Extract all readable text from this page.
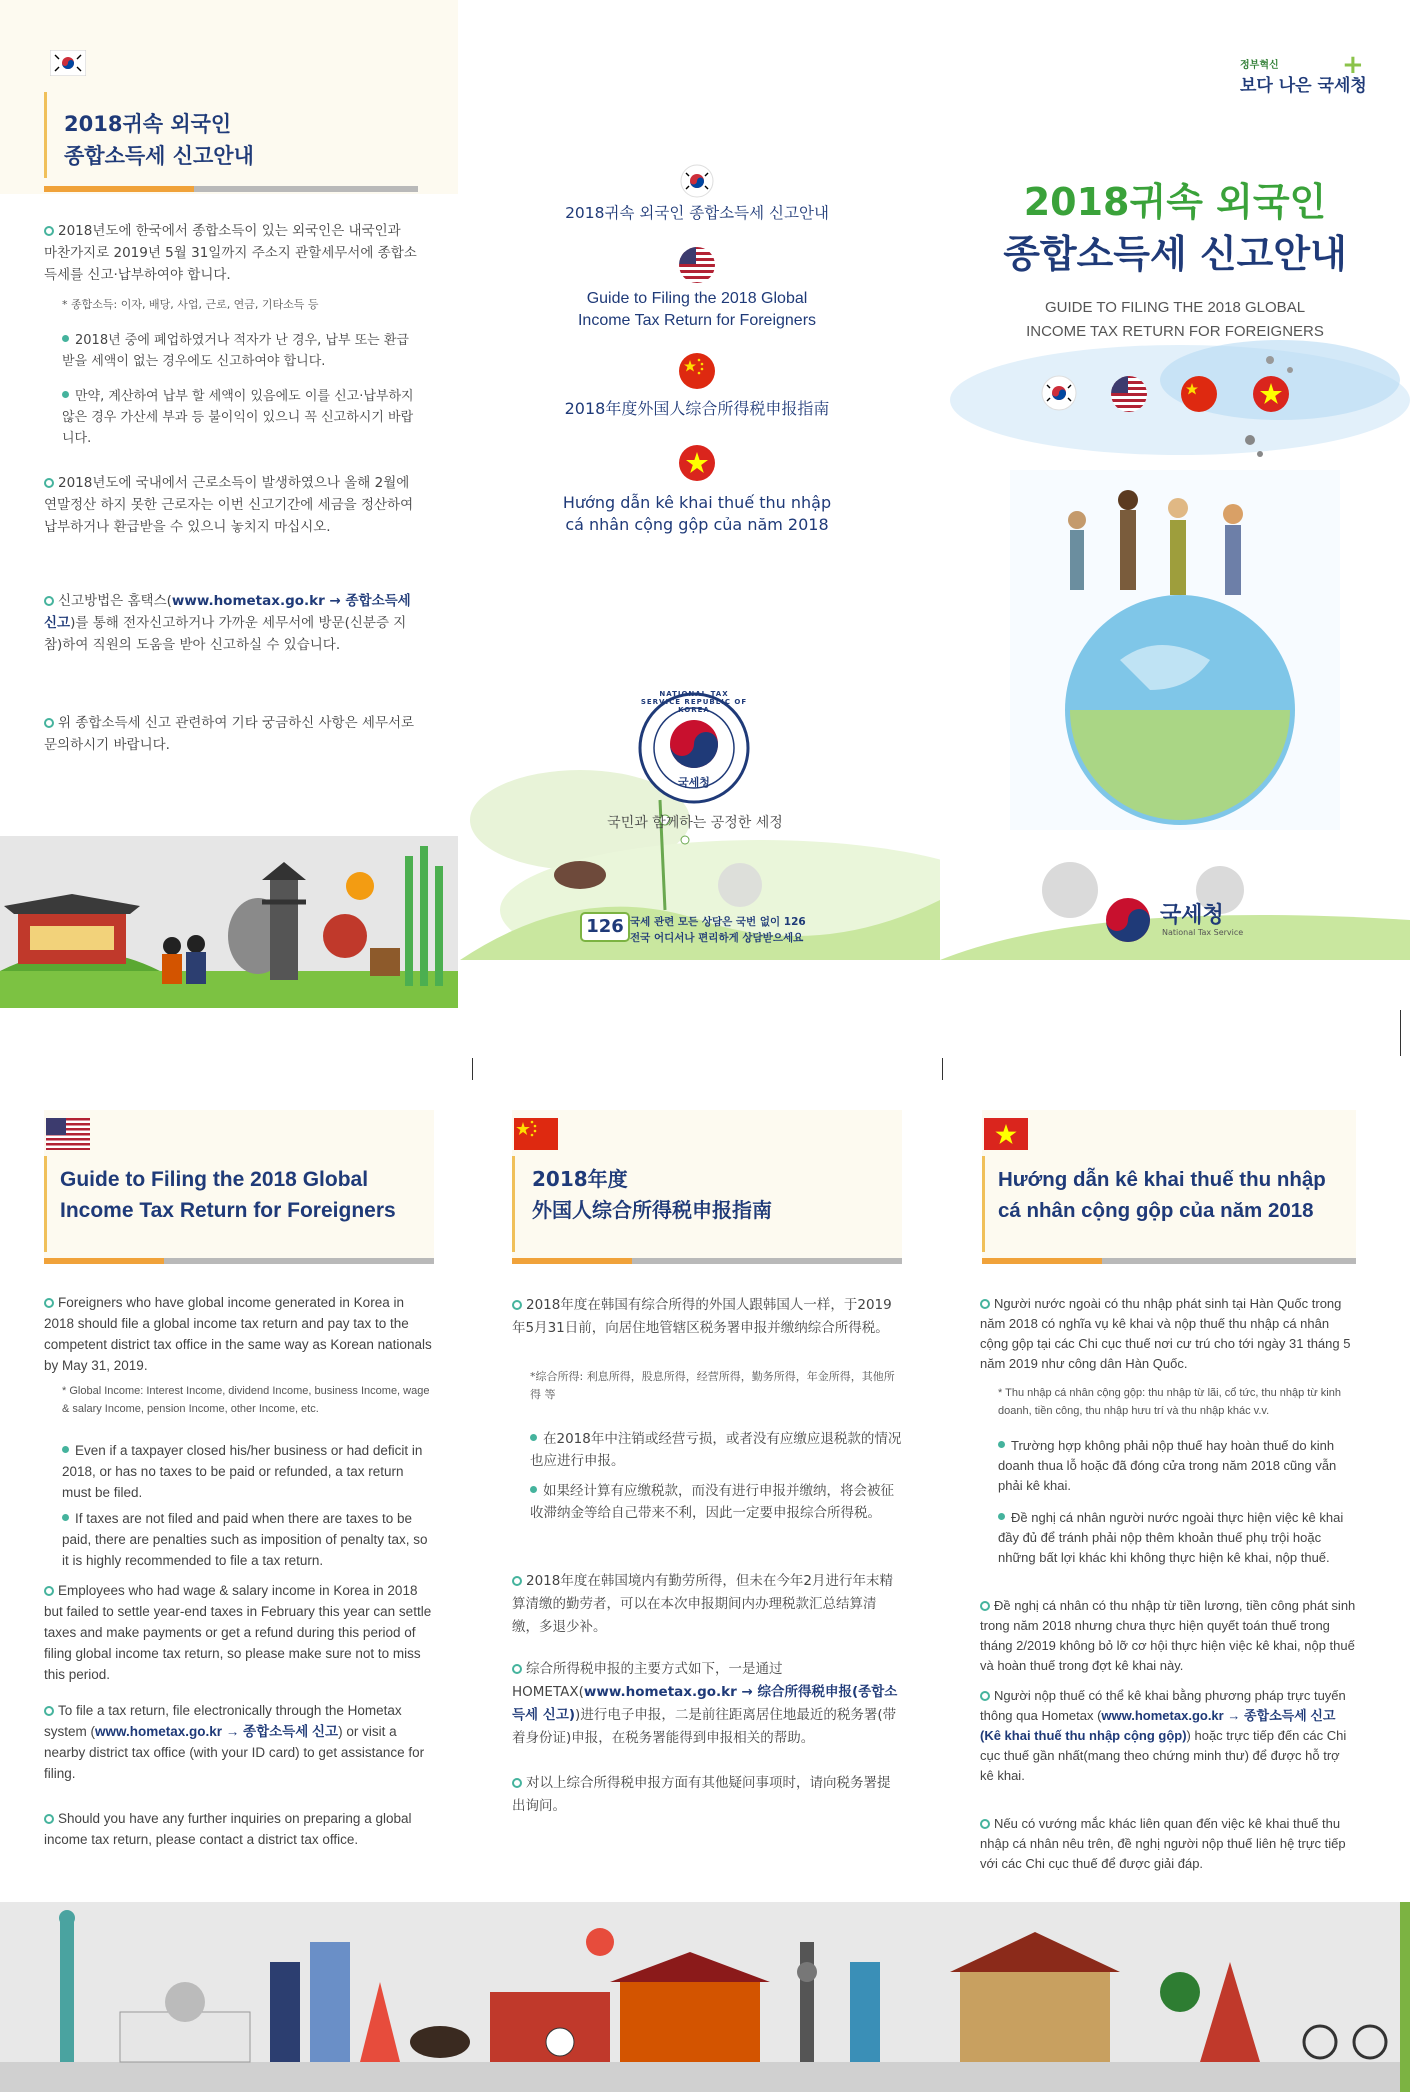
2018귀속 외국인
종합소득세 신고안내
2018년도에 한국에서 종합소득이 있는 외국인은 내국인과 마찬가지로 2019년 5월 31일까지 주소지 관할세무서에 종합소득세를 신고·납부하여야 합니다.
* 종합소득: 이자, 배당, 사업, 근로, 연금, 기타소득 등
2018년 중에 폐업하였거나 적자가 난 경우, 납부 또는 환급받을 세액이 없는 경우에도 신고하여야 합니다.
만약, 계산하여 납부 할 세액이 있음에도 이를 신고·납부하지 않은 경우 가산세 부과 등 불이익이 있으니 꼭 신고하시기 바랍니다.
2018년도에 국내에서 근로소득이 발생하였으나 올해 2월에 연말정산 하지 못한 근로자는 이번 신고기간에 세금을 정산하여 납부하거나 환급받을 수 있으니 놓치지 마십시오.
신고방법은 홈택스(www.hometax.go.kr → 종합소득세 신고)를 통해 전자신고하거나 가까운 세무서에 방문(신분증 지참)하여 직원의 도움을 받아 신고하실 수 있습니다.
위 종합소득세 신고 관련하여 기타 궁금하신 사항은 세무서로 문의하시기 바랍니다.
2018귀속 외국인 종합소득세 신고안내
Guide to Filing the 2018 Global
Income Tax Return for Foreigners
2018年度外国人综合所得税申报指南
Hướng dẫn kê khai thuế thu nhập
cá nhân cộng gộp của năm 2018
NATIONAL TAX SERVICE REPUBLIC OF KOREA
국세청
국민과 함께하는 공정한 세정
126 국세 관련 모든 상담은 국번 없이 126
전국 어디서나 편리하게 상담받으세요
정부혁신
보다 나은 국세청
+
2018귀속 외국인
종합소득세 신고안내
GUIDE TO FILING THE 2018 GLOBAL
INCOME TAX RETURN FOR FOREIGNERS
국세청
National Tax Service
Guide to Filing the 2018 Global
Income Tax Return for Foreigners
Foreigners who have global income generated in Korea in 2018 should file a global income tax return and pay tax to the competent district tax office in the same way as Korean nationals by May 31, 2019.
* Global Income: Interest Income, dividend Income, business Income, wage & salary Income, pension Income, other Income, etc.
Even if a taxpayer closed his/her business or had deficit in 2018, or has no taxes to be paid or refunded, a tax return must be filed.
If taxes are not filed and paid when there are taxes to be paid, there are penalties such as imposition of penalty tax, so it is highly recommended to file a tax return.
Employees who had wage & salary income in Korea in 2018 but failed to settle year-end taxes in February this year can settle taxes and make payments or get a refund during this period of filing global income tax return, so please make sure not to miss this period.
To file a tax return, file electronically through the Hometax system (www.hometax.go.kr → 종합소득세 신고) or visit a nearby district tax office (with your ID card) to get assistance for filing.
Should you have any further inquiries on preparing a global income tax return, please contact a district tax office.
2018年度
外国人综合所得税申报指南
2018年度在韩国有综合所得的外国人跟韩国人一样，于2019年5月31日前，向居住地管辖区税务署申报并缴纳综合所得税。
*综合所得: 利息所得，股息所得，经营所得，勤务所得，年金所得，其他所得 等
在2018年中注销或经营亏损，或者没有应缴应退税款的情况也应进行申报。
如果经计算有应缴税款，而没有进行申报并缴纳，将会被征收滞纳金等给自己带来不利，因此一定要申报综合所得税。
2018年度在韩国境内有勤劳所得，但未在今年2月进行年末精算清缴的勤劳者，可以在本次申报期间内办理税款汇总结算清缴，多退少补。
综合所得税申报的主要方式如下，一是通过HOMETAX(www.hometax.go.kr → 综合所得税申报(종합소득세 신고))进行电子申报，二是前往距离居住地最近的税务署(带着身份证)申报，在税务署能得到申报相关的帮助。
对以上综合所得税申报方面有其他疑问事项时，请向税务署提出询问。
Hướng dẫn kê khai thuế thu nhập
cá nhân cộng gộp của năm 2018
Người nước ngoài có thu nhập phát sinh tại Hàn Quốc trong năm 2018 có nghĩa vụ kê khai và nộp thuế thu nhập cá nhân cộng gộp tại các Chi cục thuế nơi cư trú cho tới ngày 31 tháng 5 năm 2019 như công dân Hàn Quốc.
* Thu nhập cá nhân cộng gộp: thu nhập từ lãi, cổ tức, thu nhập từ kinh doanh, tiền công, thu nhập hưu trí và thu nhập khác v.v.
Trường hợp không phải nộp thuế hay hoàn thuế do kinh doanh thua lỗ hoặc đã đóng cửa trong năm 2018 cũng vẫn phải kê khai.
Đề nghị cá nhân người nước ngoài thực hiện việc kê khai đầy đủ để tránh phải nộp thêm khoản thuế phụ trội hoặc những bất lợi khác khi không thực hiện kê khai, nộp thuế.
Đề nghị cá nhân có thu nhập từ tiền lương, tiền công phát sinh trong năm 2018 nhưng chưa thực hiện quyết toán thuế trong tháng 2/2019 không bỏ lỡ cơ hội thực hiện việc kê khai, nộp thuế và hoàn thuế trong đợt kê khai này.
Người nộp thuế có thể kê khai bằng phương pháp trực tuyến thông qua Hometax (www.hometax.go.kr → 종합소득세 신고(Kê khai thuế thu nhập cộng gộp)) hoặc trực tiếp đến các Chi cục thuế gần nhất(mang theo chứng minh thư) để được hỗ trợ kê khai.
Nếu có vướng mắc khác liên quan đến việc kê khai thuế thu nhập cá nhân nêu trên, đề nghị người nộp thuế liên hệ trực tiếp với các Chi cục thuế để được giải đáp.
